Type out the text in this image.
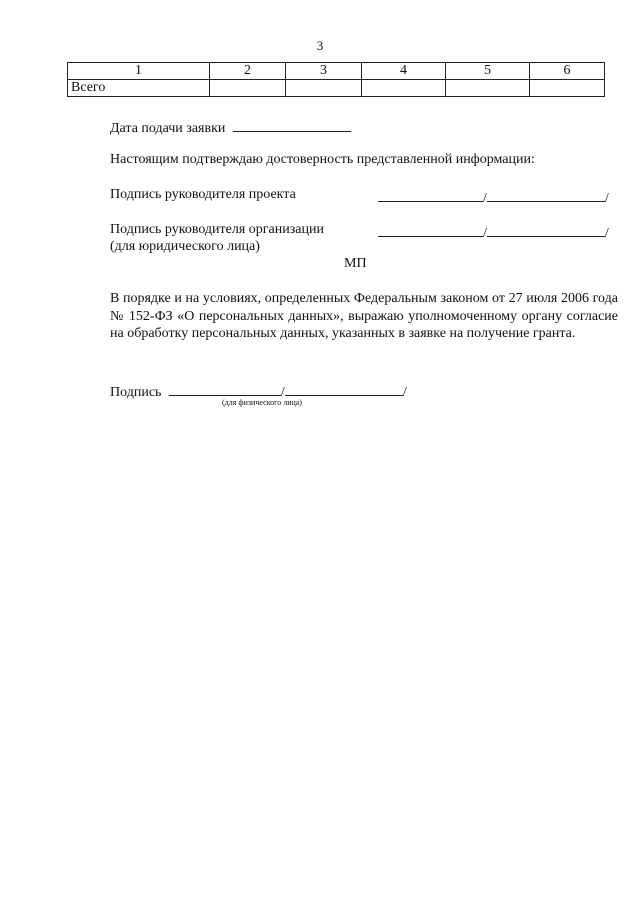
3
1	2	3	4	5	6
Всего					
Дата подачи заявки
Настоящим подтверждаю достоверность представленной информации:
Подпись руководителя проекта	/	/
Подпись руководителя организации
(для юридического лица)
/	/
МП
В порядке и на условиях, определенных Федеральным законом от 27 июля 2006 года № 152-ФЗ «О персональных данных», выражаю уполномоченному органу согласие на обработку персональных данных, указанных в заявке на получение гранта.
Подпись	/	/
(для физического лица)
